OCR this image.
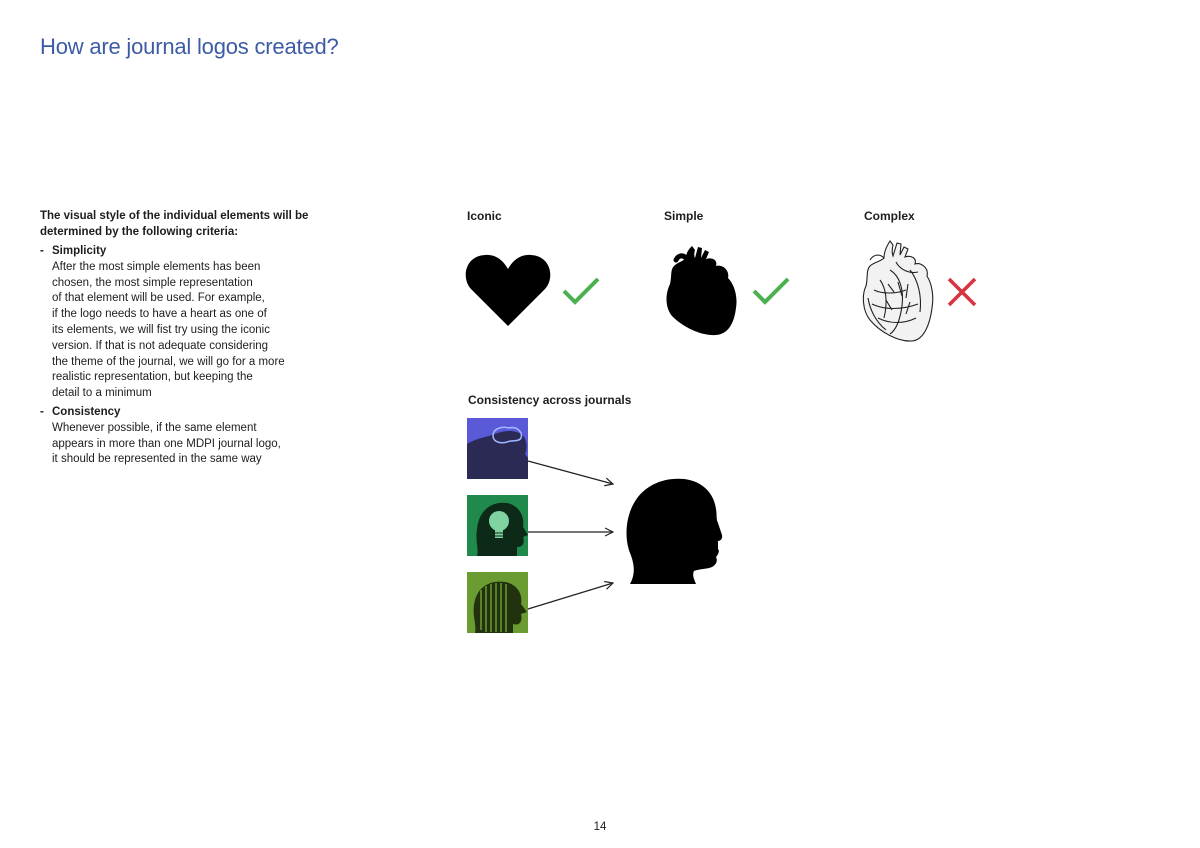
How are journal logos created?
The visual style of the individual elements will be determined by the following criteria:
- Simplicity
After the most simple elements has been
chosen, the most simple representation
of that element will be used. For example,
if the logo needs to have a heart as one of
its elements, we will fist try using the iconic
version. If that is not adequate considering
the theme of the journal, we will go for a more
realistic representation, but keeping the
detail to a minimum
- Consistency
Whenever possible, if the same element
appears in more than one MDPI journal logo,
it should be represented in the same way
Iconic	Simple	Complex
Consistency across journals
14
